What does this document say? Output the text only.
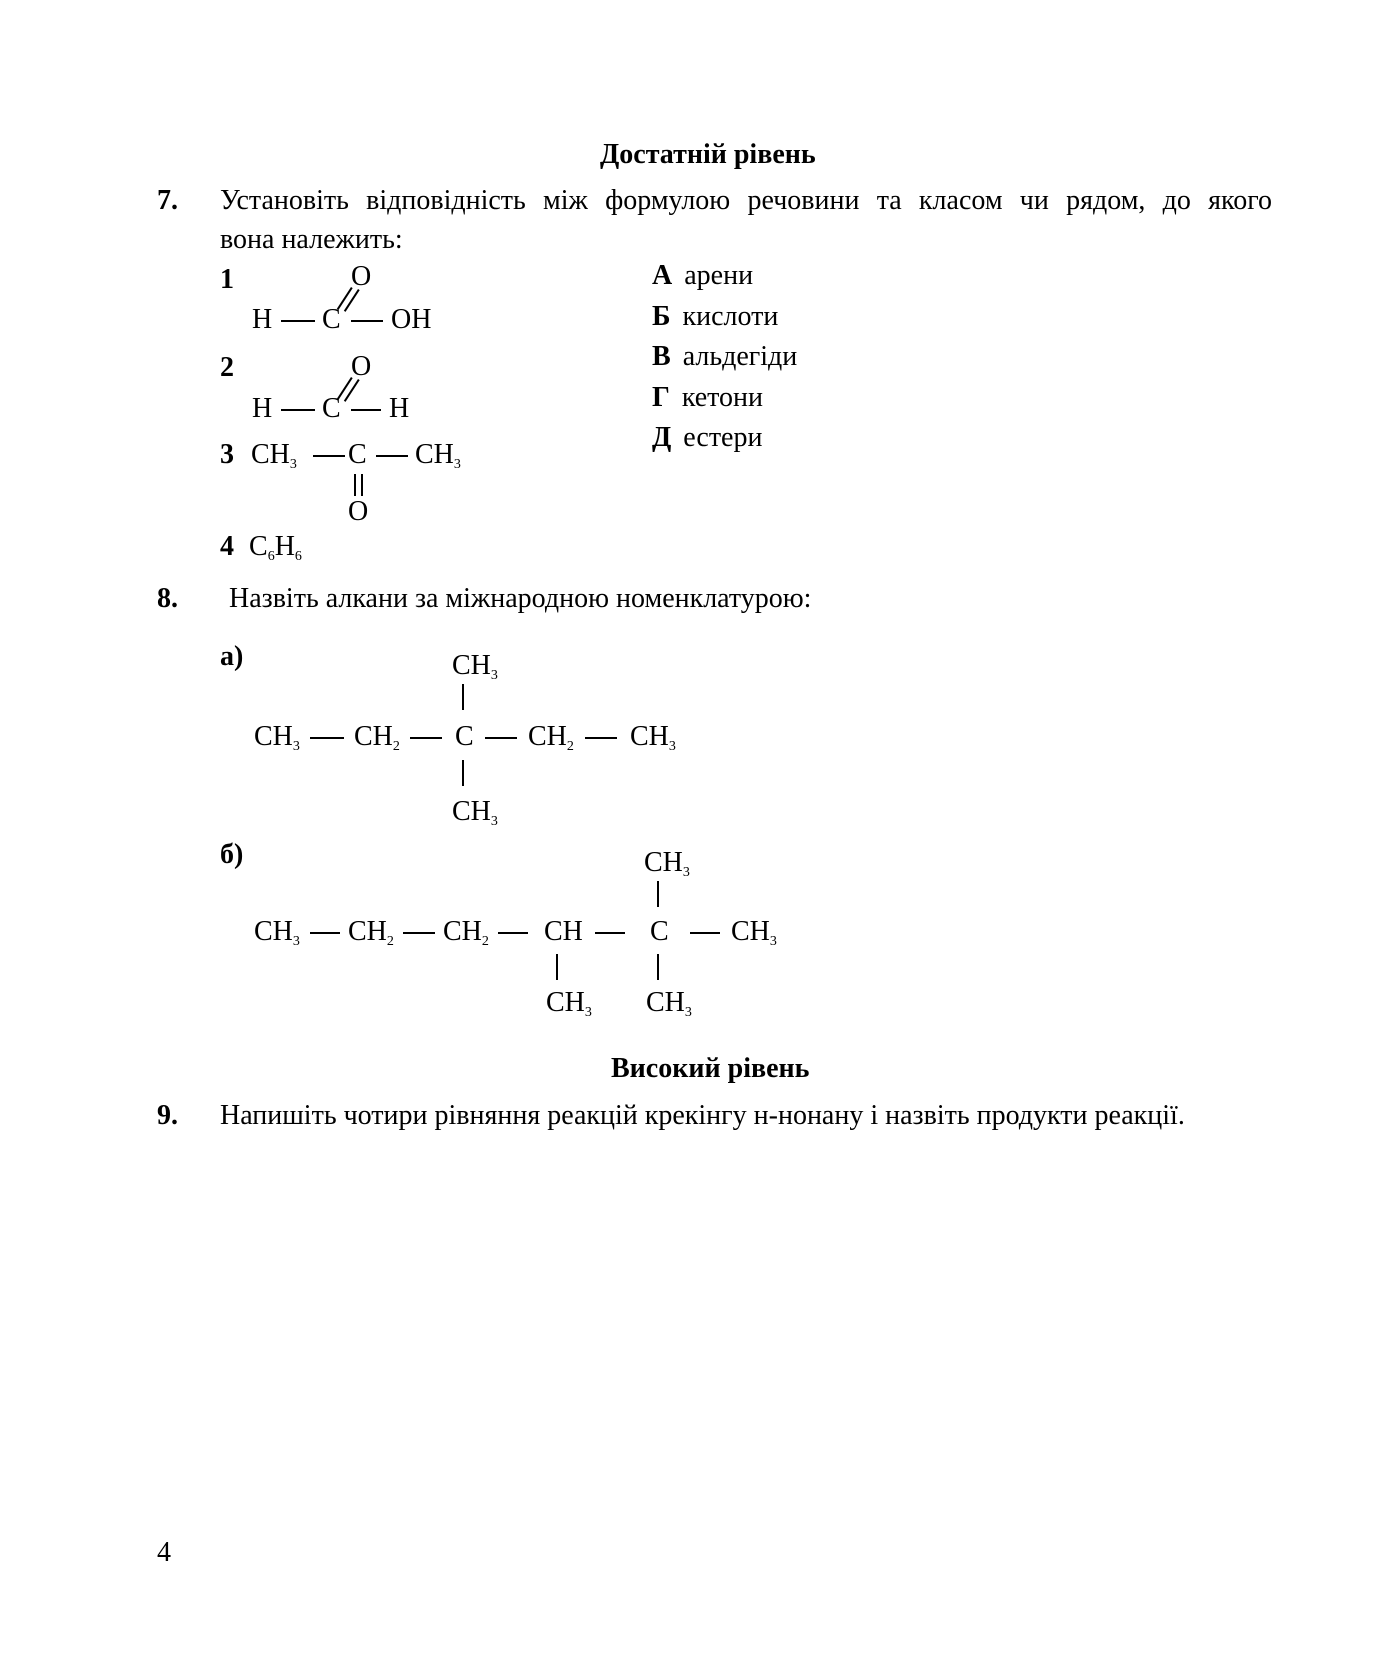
Достатній рівень
7. Установіть відповідність між формулою речовини та класом чи рядом, до якого
вона належить:
1	O
H C OH
2	O
H C H
3 $CH_3$ C $CH_3$
O
4 $C_6H_6$
А арени
Б кислоти
В альдегіди
Г кетони
Д естери
8. Назвіть алкани за міжнародною номенклатурою:
а)	$CH_3$
$CH_3$ $CH_2$ C $CH_2$ $CH_3$
$CH_3$
б)	$CH_3$
$CH_3$ $CH_2$ $CH_2$ CH C $CH_3$
$CH_3$ $CH_3$
Високий рівень
9. Напишіть чотири рівняння реакцій крекінгу н-нонану і назвіть продукти реакції.
4
